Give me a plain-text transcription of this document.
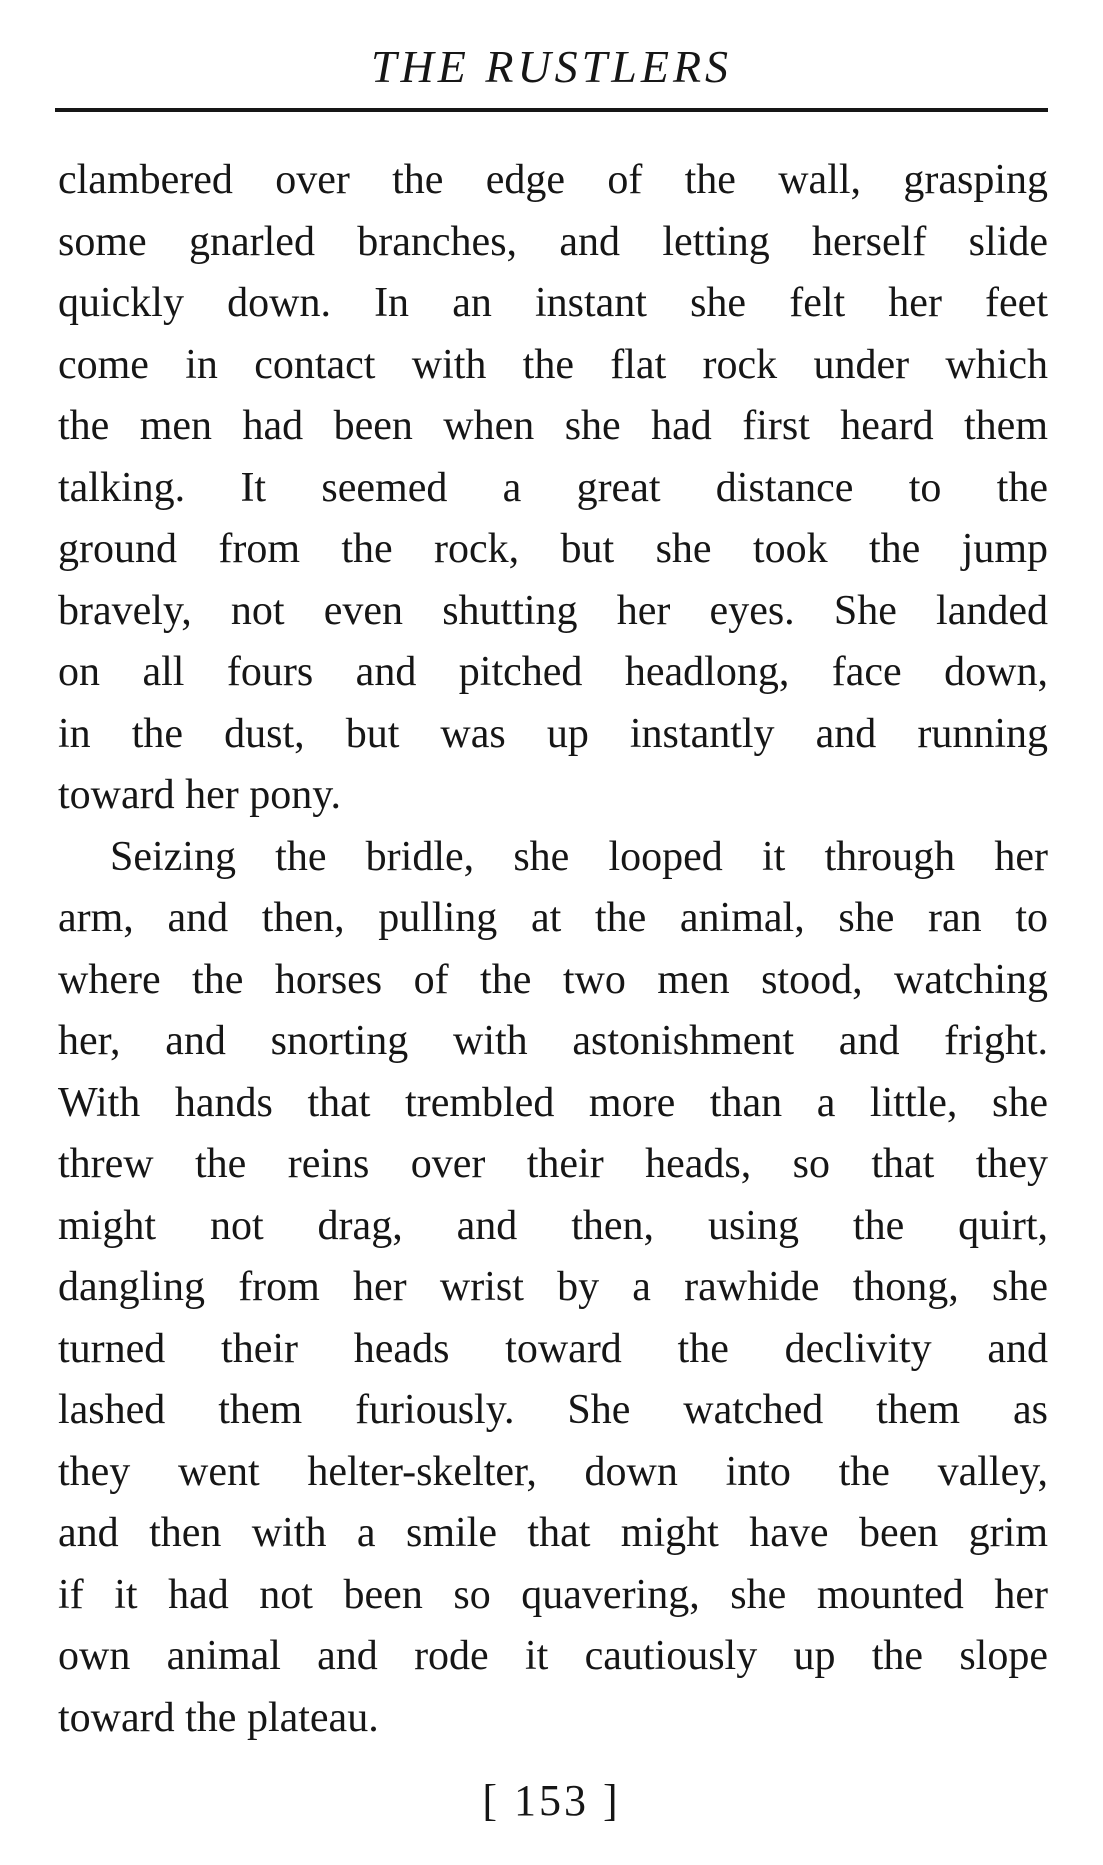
THE RUSTLERS
clambered over the edge of the wall, grasping
some gnarled branches, and letting herself slide
quickly down. In an instant she felt her feet
come in contact with the flat rock under which
the men had been when she had first heard them
talking. It seemed a great distance to the
ground from the rock, but she took the jump
bravely, not even shutting her eyes. She landed
on all fours and pitched headlong, face down,
in the dust, but was up instantly and running
toward her pony.
Seizing the bridle, she looped it through her
arm, and then, pulling at the animal, she ran to
where the horses of the two men stood, watching
her, and snorting with astonishment and fright.
With hands that trembled more than a little, she
threw the reins over their heads, so that they
might not drag, and then, using the quirt,
dangling from her wrist by a rawhide thong, she
turned their heads toward the declivity and
lashed them furiously. She watched them as
they went helter-skelter, down into the valley,
and then with a smile that might have been grim
if it had not been so quavering, she mounted her
own animal and rode it cautiously up the slope
toward the plateau.
[ 153 ]
